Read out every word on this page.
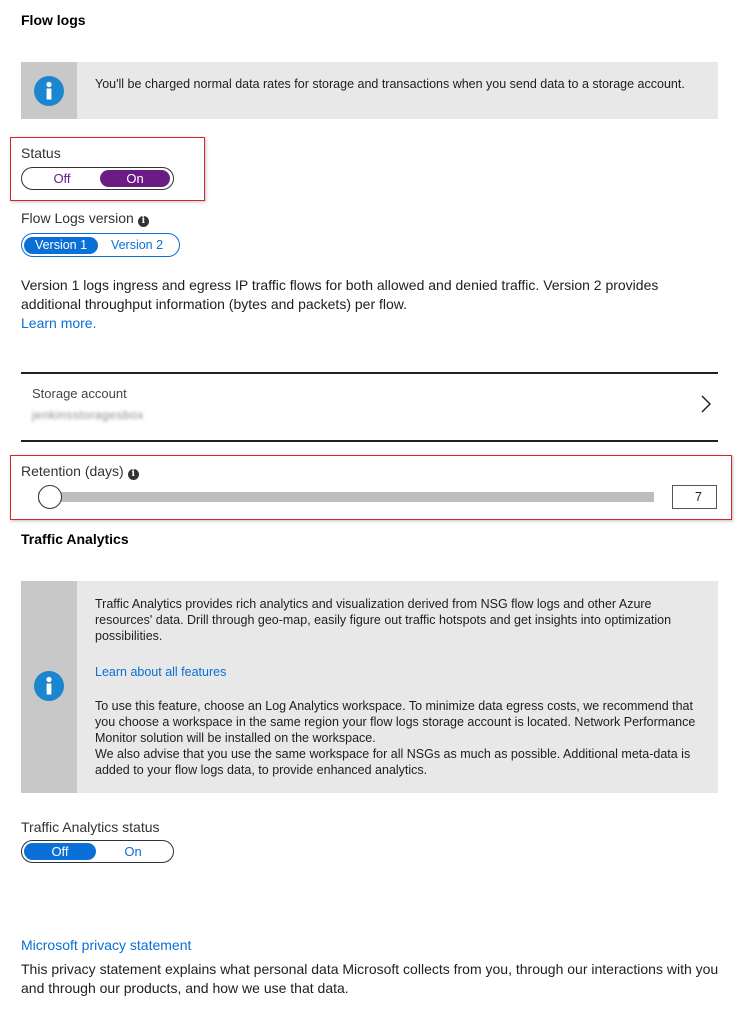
Flow logs
You'll be charged normal data rates for storage and transactions when you send data to a storage account.
Status
Off	On
Flow Logs version i
Version 1	Version 2
Version 1 logs ingress and egress IP traffic flows for both allowed and denied traffic. Version 2 provides additional throughput information (bytes and packets) per flow.
Learn more.
Storage account
jenkinsstoragesbox
Retention (days) i
7
Traffic Analytics
Traffic Analytics provides rich analytics and visualization derived from NSG flow logs and other Azure resources' data. Drill through geo-map, easily figure out traffic hotspots and get insights into optimization possibilities.
Learn about all features
To use this feature, choose an Log Analytics workspace. To minimize data egress costs, we recommend that you choose a workspace in the same region your flow logs storage account is located. Network Performance Monitor solution will be installed on the workspace.
We also advise that you use the same workspace for all NSGs as much as possible. Additional meta-data is added to your flow logs data, to provide enhanced analytics.
Traffic Analytics status
Off	On
Microsoft privacy statement
This privacy statement explains what personal data Microsoft collects from you, through our interactions with you and through our products, and how we use that data.
